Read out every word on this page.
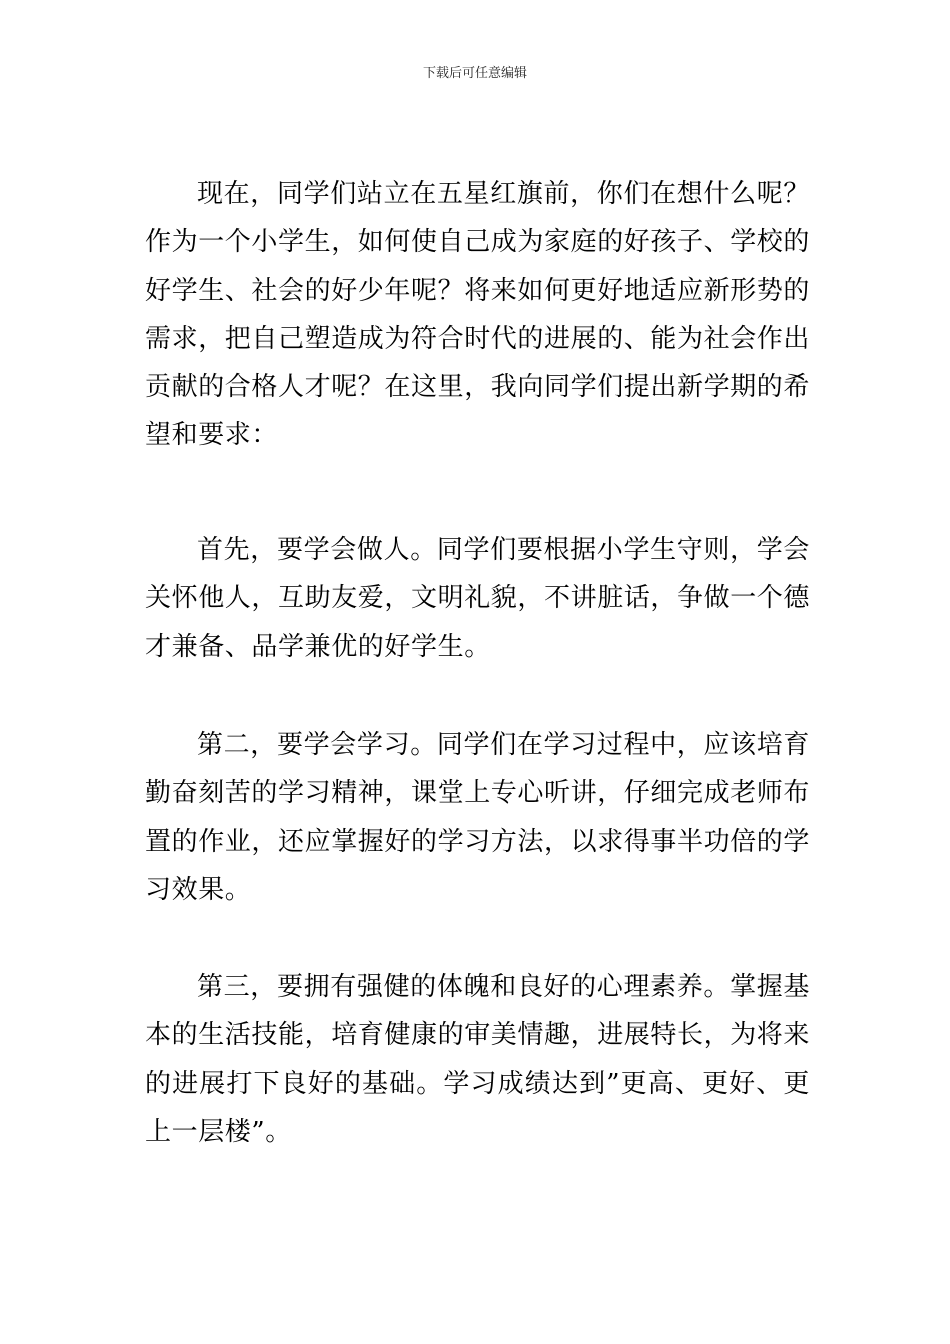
下载后可任意编辑

现在，同学们站立在五星红旗前，你们在想什么呢？作为一个小学生，如何使自己成为家庭的好孩子、学校的好学生、社会的好少年呢？将来如何更好地适应新形势的需求，把自己塑造成为符合时代的进展的、能为社会作出贡献的合格人才呢？在这里，我向同学们提出新学期的希望和要求：

首先，要学会做人。同学们要根据小学生守则，学会关怀他人，互助友爱，文明礼貌，不讲脏话，争做一个德才兼备、品学兼优的好学生。

第二，要学会学习。同学们在学习过程中，应该培育勤奋刻苦的学习精神，课堂上专心听讲，仔细完成老师布置的作业，还应掌握好的学习方法，以求得事半功倍的学习效果。

第三，要拥有强健的体魄和良好的心理素养。掌握基本的生活技能，培育健康的审美情趣，进展特长，为将来的进展打下良好的基础。学习成绩达到”更高、更好、更上一层楼”。
